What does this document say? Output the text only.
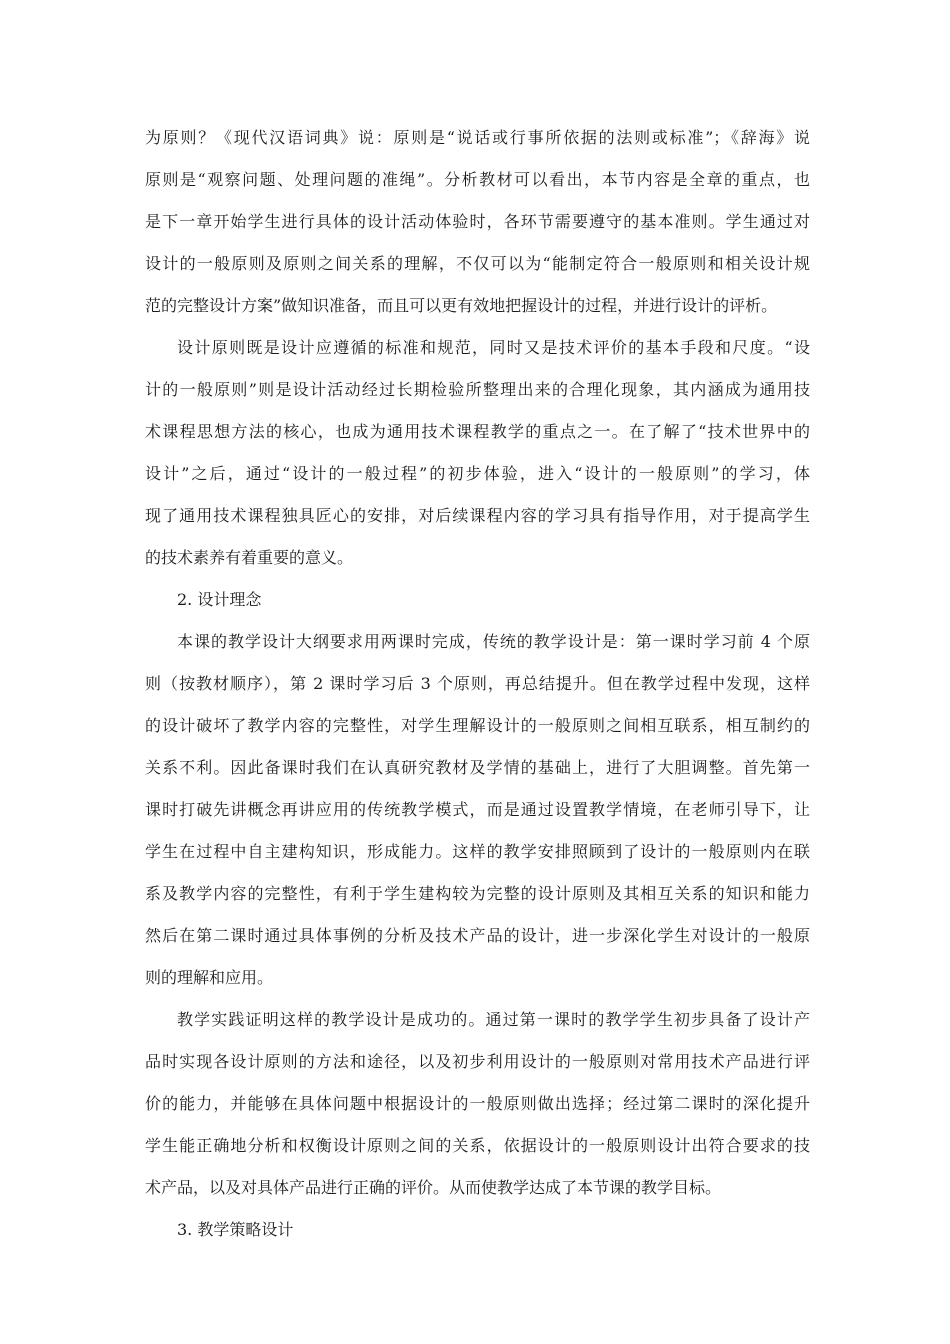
为原则？《现代汉语词典》说：原则是“说话或行事所依据的法则或标准”；《辞海》说
原则是“观察问题、处理问题的准绳”。分析教材可以看出，本节内容是全章的重点，也
是下一章开始学生进行具体的设计活动体验时，各环节需要遵守的基本准则。学生通过对
设计的一般原则及原则之间关系的理解，不仅可以为“能制定符合一般原则和相关设计规
范的完整设计方案”做知识准备，而且可以更有效地把握设计的过程，并进行设计的评析。
设计原则既是设计应遵循的标准和规范，同时又是技术评价的基本手段和尺度。“设
计的一般原则”则是设计活动经过长期检验所整理出来的合理化现象，其内涵成为通用技
术课程思想方法的核心，也成为通用技术课程教学的重点之一。在了解了“技术世界中的
设计”之后，通过“设计的一般过程”的初步体验，进入“设计的一般原则”的学习，体
现了通用技术课程独具匠心的安排，对后续课程内容的学习具有指导作用，对于提高学生
的技术素养有着重要的意义。
2. 设计理念
本课的教学设计大纲要求用两课时完成，传统的教学设计是：第一课时学习前 4 个原
则（按教材顺序），第 2 课时学习后 3 个原则，再总结提升。但在教学过程中发现，这样
的设计破坏了教学内容的完整性，对学生理解设计的一般原则之间相互联系，相互制约的
关系不利。因此备课时我们在认真研究教材及学情的基础上，进行了大胆调整。首先第一
课时打破先讲概念再讲应用的传统教学模式，而是通过设置教学情境，在老师引导下，让
学生在过程中自主建构知识，形成能力。这样的教学安排照顾到了设计的一般原则内在联
系及教学内容的完整性，有利于学生建构较为完整的设计原则及其相互关系的知识和能力
然后在第二课时通过具体事例的分析及技术产品的设计，进一步深化学生对设计的一般原
则的理解和应用。
教学实践证明这样的教学设计是成功的。通过第一课时的教学学生初步具备了设计产
品时实现各设计原则的方法和途径，以及初步利用设计的一般原则对常用技术产品进行评
价的能力，并能够在具体问题中根据设计的一般原则做出选择；经过第二课时的深化提升
学生能正确地分析和权衡设计原则之间的关系，依据设计的一般原则设计出符合要求的技
术产品，以及对具体产品进行正确的评价。从而使教学达成了本节课的教学目标。
3. 教学策略设计
